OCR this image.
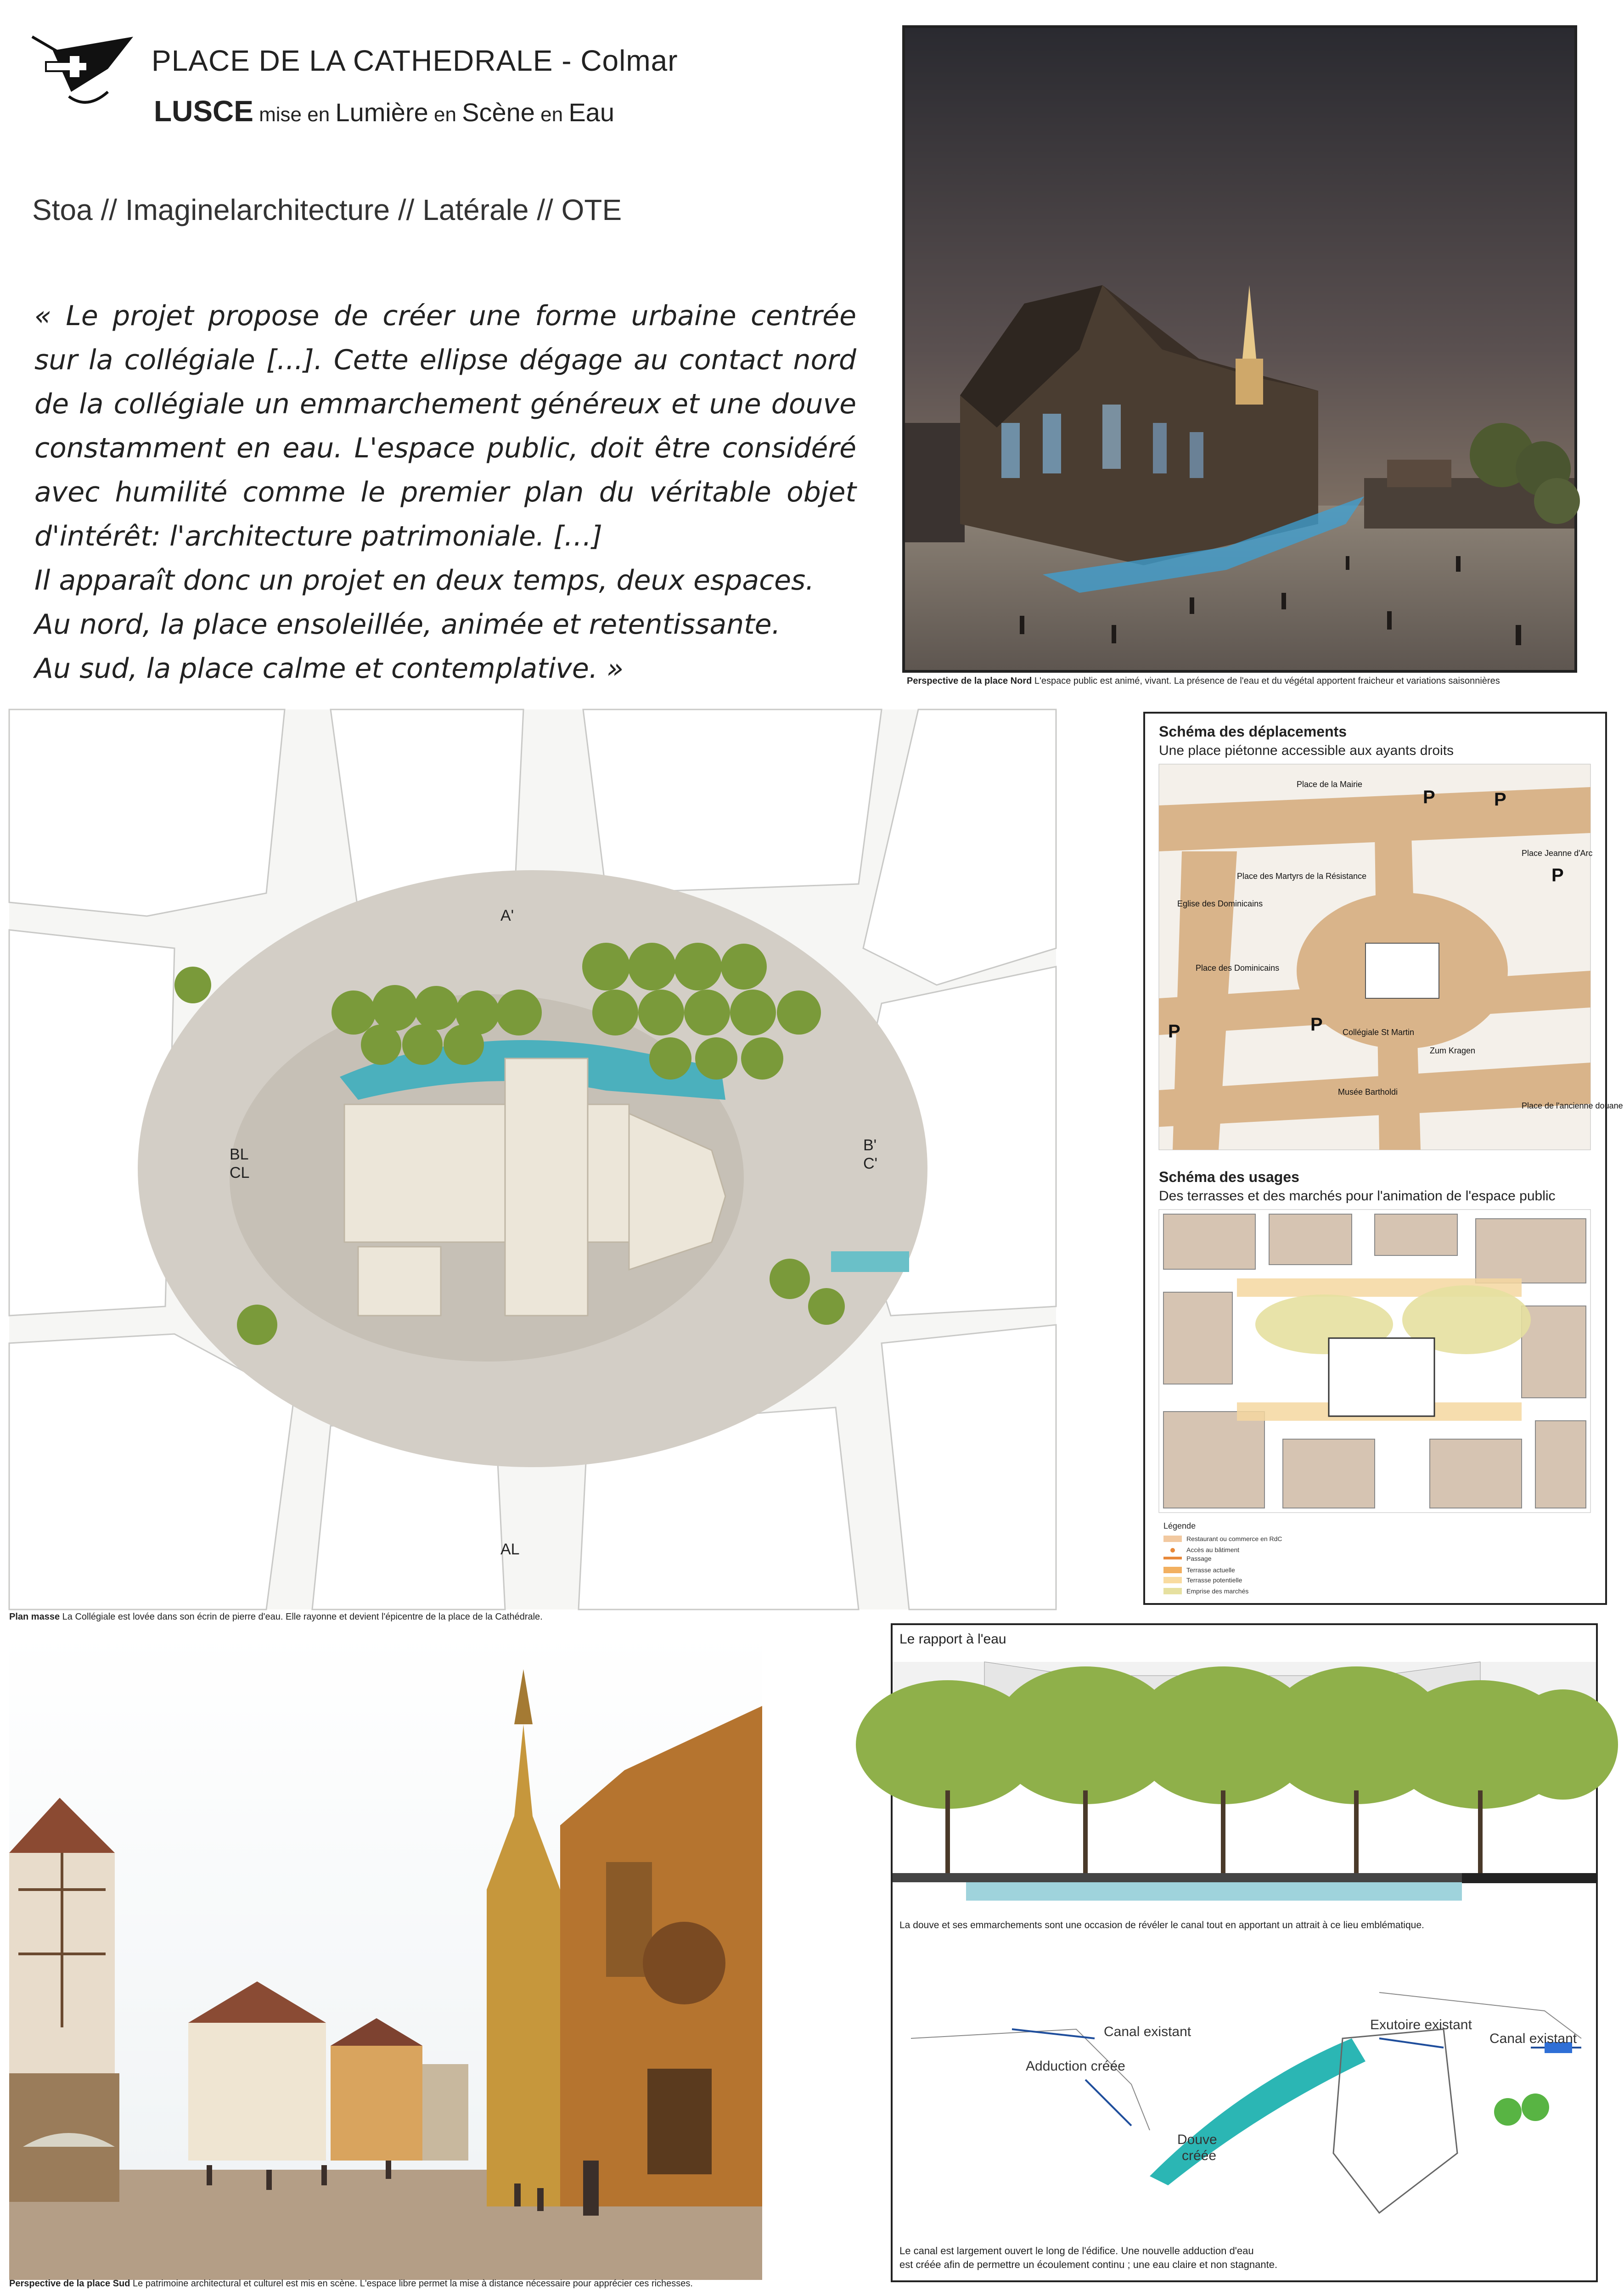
PLACE DE LA CATHEDRALE - Colmar
LUSCE mise en Lumière en Scène en Eau
Stoa // Imaginelarchitecture // Latérale // OTE

« Le projet propose de créer une forme urbaine centrée sur la collégiale [...]. Cette ellipse dégage au contact nord de la collégiale un emmarchement généreux et une douve constamment en eau. L'espace public, doit être considéré avec humilité comme le premier plan du véritable objet d'intérêt: l'architecture patrimoniale. […]

Il apparaît donc un projet en deux temps, deux espaces.

Au nord, la place ensoleillée, animée et retentissante.

Au sud, la place calme et contemplative. »	Perspective de la place Nord L'espace public est animé, vivant. La présence de l'eau et du végétal apportent fraicheur et variations saisonnières
A'
B'
C'
BL
CL
AL
Plan masse La Collégiale est lovée dans son écrin de pierre d'eau. Elle rayonne et devient l'épicentre de la place de la Cathédrale.
Schéma des déplacements
Une place piétonne accessible aux ayants droits
Place de la Mairie
Place des Martyrs de la Résistance
Eglise des Dominicains
Place des Dominicains
Collégiale St Martin
Zum Kragen
Musée Bartholdi
Place de l'ancienne douane
Place Jeanne d'Arc
P	P
P
P	P
Schéma des usages
Des terrasses et des marchés pour l'animation de l'espace public
Légende
Restaurant ou commerce en RdC
Accès au bâtiment
Passage
Terrasse actuelle
Terrasse potentielle
Emprise des marchés
Perspective de la place Sud Le patrimoine architectural et culturel est mis en scène. L'espace libre permet la mise à distance nécessaire pour apprécier ces richesses.
Le rapport à l'eau
La douve et ses emmarchements sont une occasion de révéler le canal tout en apportant un attrait à ce lieu emblématique.
Canal existant
Adduction créée
Exutoire existant
Canal existant
Douve
créée
Le canal est largement ouvert le long de l'édifice. Une nouvelle adduction d'eau
est créée afin de permettre un écoulement continu ; une eau claire et non stagnante.
